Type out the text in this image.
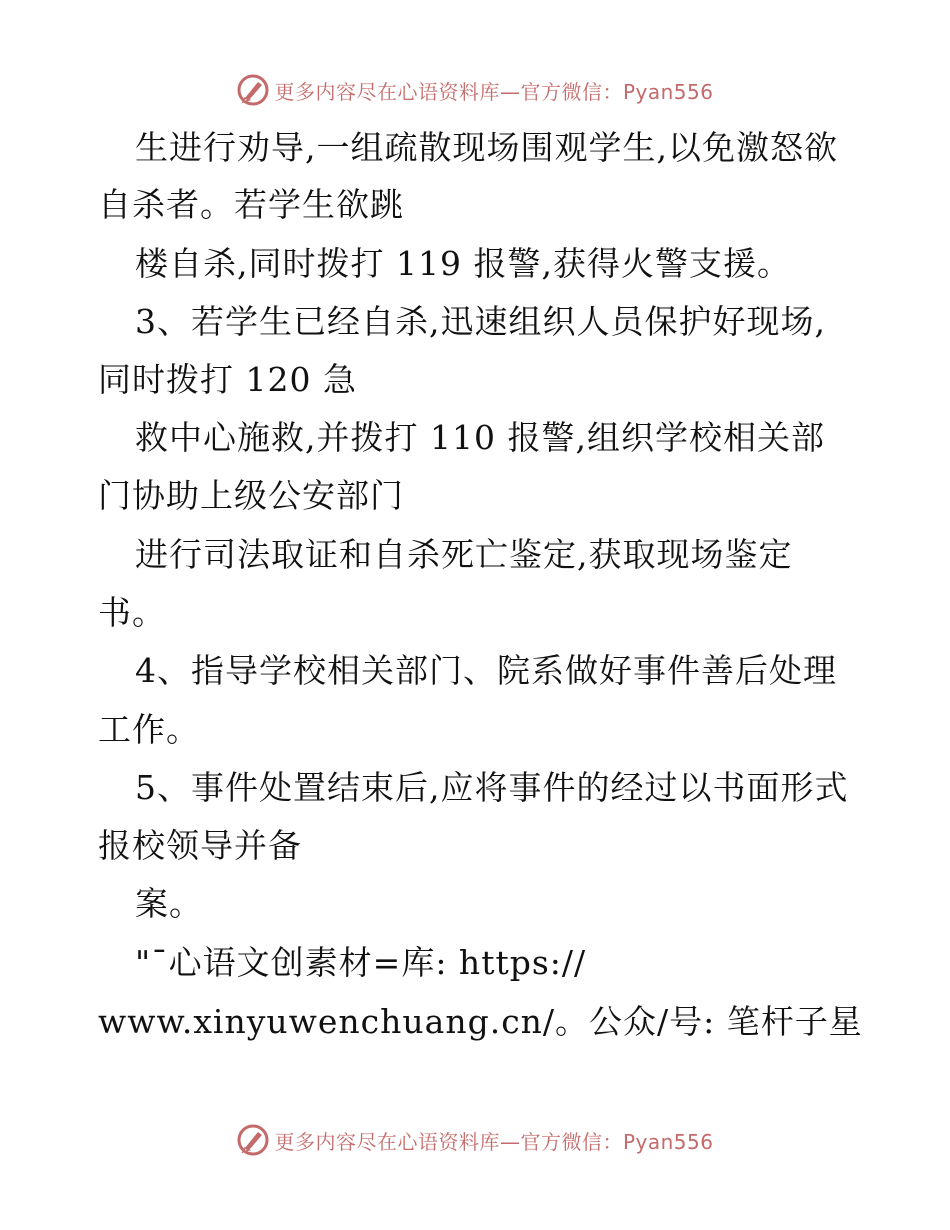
更多内容尽在心语资料库—官方微信：Pyan556
生进行劝导,一组疏散现场围观学生,以免激怒欲
自杀者。若学生欲跳
楼自杀,同时拨打 119 报警,获得火警支援。
3、若学生已经自杀,迅速组织人员保护好现场,
同时拨打 120 急
救中心施救,并拨打 110 报警,组织学校相关部
门协助上级公安部门
进行司法取证和自杀死亡鉴定,获取现场鉴定
书。
4、指导学校相关部门、院系做好事件善后处理
工作。
5、事件处置结束后,应将事件的经过以书面形式
报校领导并备
案。
"¯心语文创素材=库: https://
www.xinyuwenchuang.cn/。公众/号: 笔杆子星
更多内容尽在心语资料库—官方微信：Pyan556
